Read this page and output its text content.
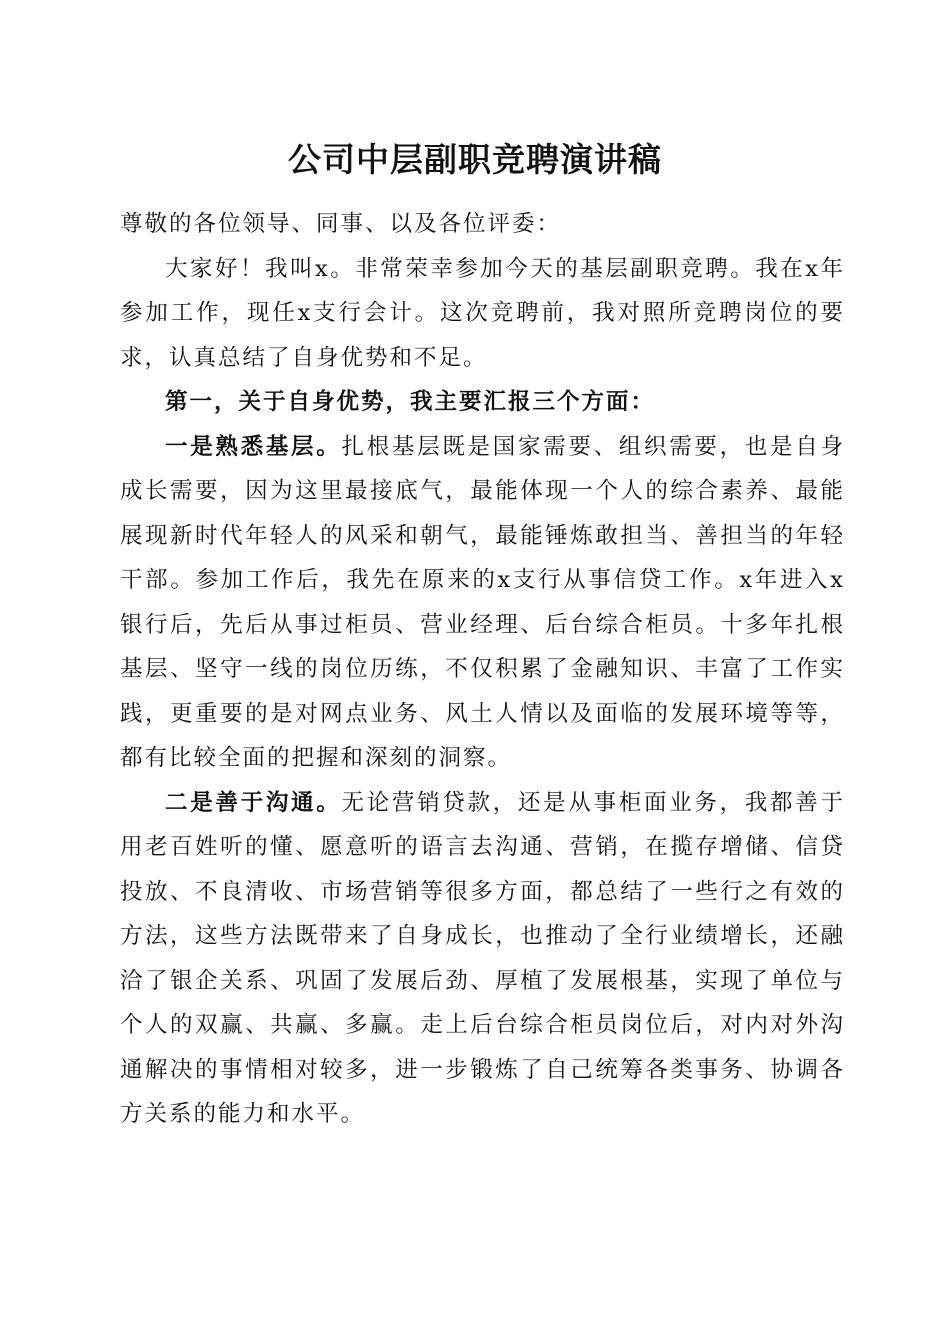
公司中层副职竞聘演讲稿

尊敬的各位领导、同事、以及各位评委：

大家好！我叫x。非常荣幸参加今天的基层副职竞聘。我在x年参加工作，现任x支行会计。这次竞聘前，我对照所竞聘岗位的要求，认真总结了自身优势和不足。

第一，关于自身优势，我主要汇报三个方面：

一是熟悉基层。扎根基层既是国家需要、组织需要，也是自身成长需要，因为这里最接底气，最能体现一个人的综合素养、最能展现新时代年轻人的风采和朝气，最能锤炼敢担当、善担当的年轻干部。参加工作后，我先在原来的x支行从事信贷工作。x年进入x银行后，先后从事过柜员、营业经理、后台综合柜员。十多年扎根基层、坚守一线的岗位历练，不仅积累了金融知识、丰富了工作实践，更重要的是对网点业务、风土人情以及面临的发展环境等等，都有比较全面的把握和深刻的洞察。

二是善于沟通。无论营销贷款，还是从事柜面业务，我都善于用老百姓听的懂、愿意听的语言去沟通、营销，在揽存增储、信贷投放、不良清收、市场营销等很多方面，都总结了一些行之有效的方法，这些方法既带来了自身成长，也推动了全行业绩增长，还融洽了银企关系、巩固了发展后劲、厚植了发展根基，实现了单位与个人的双赢、共赢、多赢。走上后台综合柜员岗位后，对内对外沟通解决的事情相对较多，进一步锻炼了自己统筹各类事务、协调各方关系的能力和水平。
